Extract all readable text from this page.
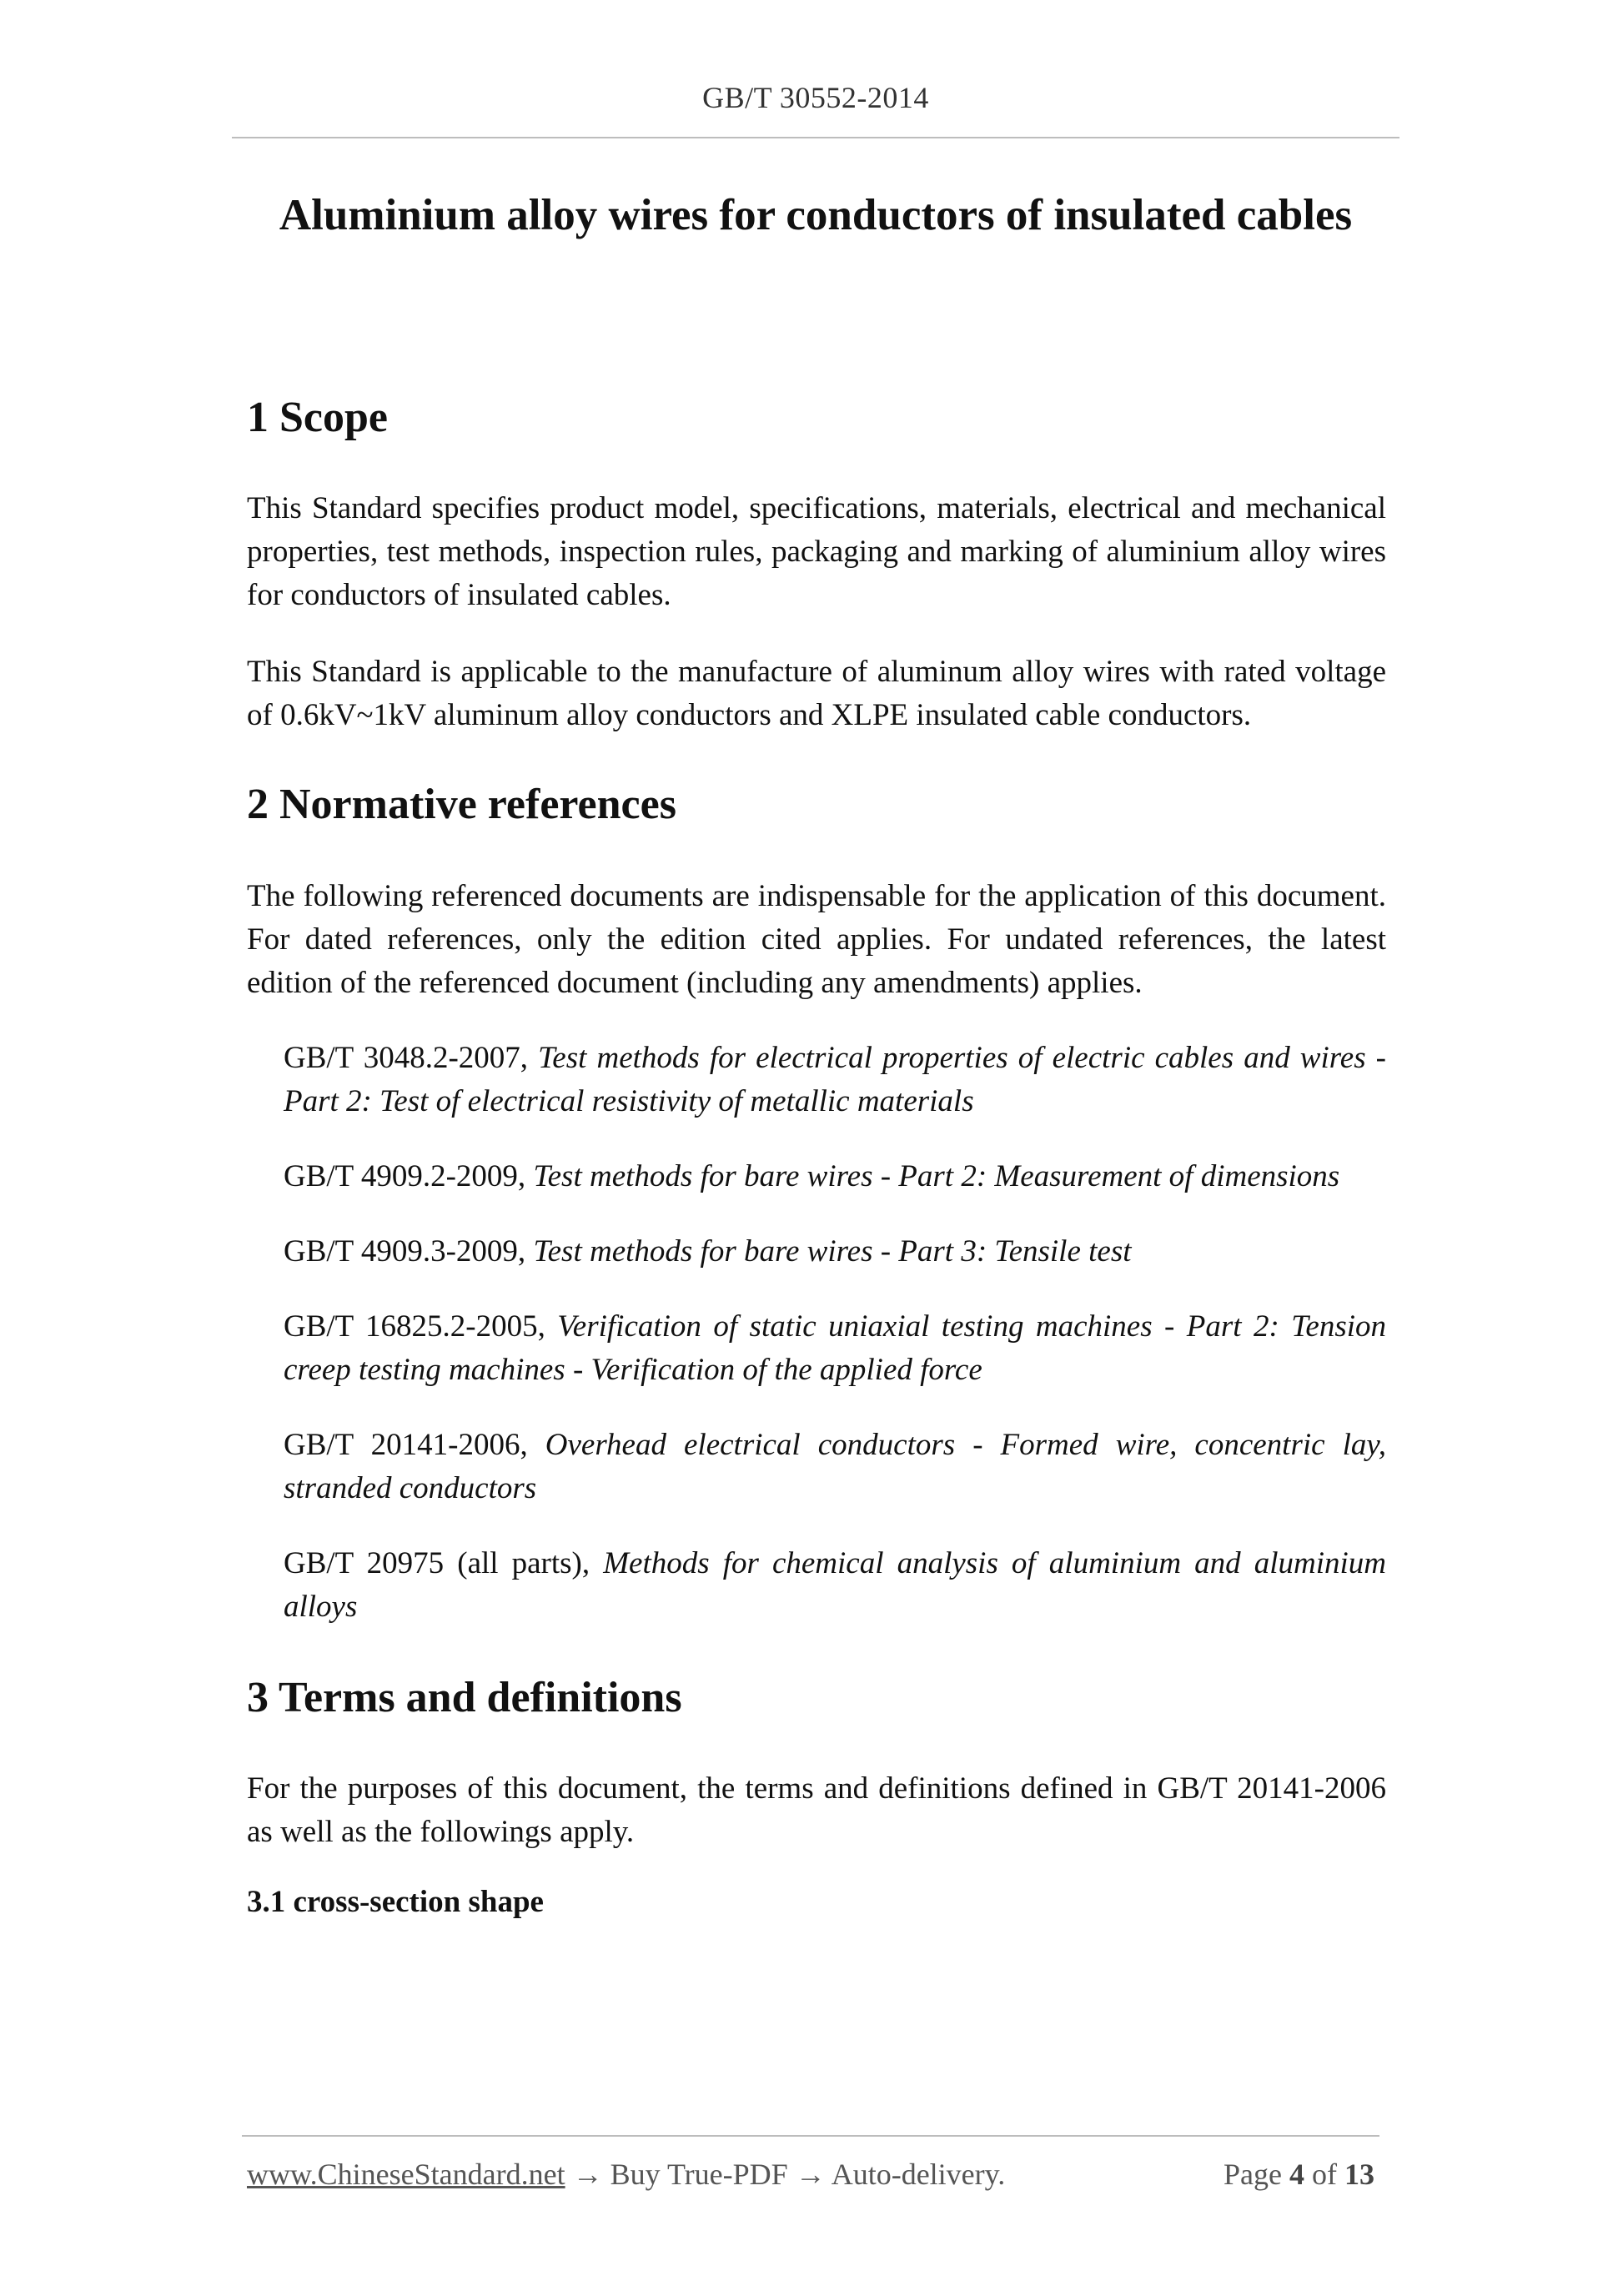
GB/T 30552-2014
Aluminium alloy wires for conductors of insulated cables
1 Scope

This Standard specifies product model, specifications, materials, electrical and mechanical properties, test methods, inspection rules, packaging and marking of aluminium alloy wires for conductors of insulated cables.

This Standard is applicable to the manufacture of aluminum alloy wires with rated voltage of 0.6kV~1kV aluminum alloy conductors and XLPE insulated cable conductors.

2 Normative references

The following referenced documents are indispensable for the application of this document. For dated references, only the edition cited applies. For undated references, the latest edition of the referenced document (including any amendments) applies.

GB/T 3048.2-2007, Test methods for electrical properties of electric cables and wires - Part 2: Test of electrical resistivity of metallic materials
GB/T 4909.2-2009, Test methods for bare wires - Part 2: Measurement of dimensions
GB/T 4909.3-2009, Test methods for bare wires - Part 3: Tensile test
GB/T 16825.2-2005, Verification of static uniaxial testing machines - Part 2: Tension creep testing machines - Verification of the applied force
GB/T 20141-2006, Overhead electrical conductors - Formed wire, concentric lay, stranded conductors
GB/T 20975 (all parts), Methods for chemical analysis of aluminium and aluminium alloys
3 Terms and definitions

For the purposes of this document, the terms and definitions defined in GB/T 20141-2006 as well as the followings apply.

3.1 cross-section shape
www.ChineseStandard.net → Buy True-PDF → Auto-delivery.	Page 4 of 13
